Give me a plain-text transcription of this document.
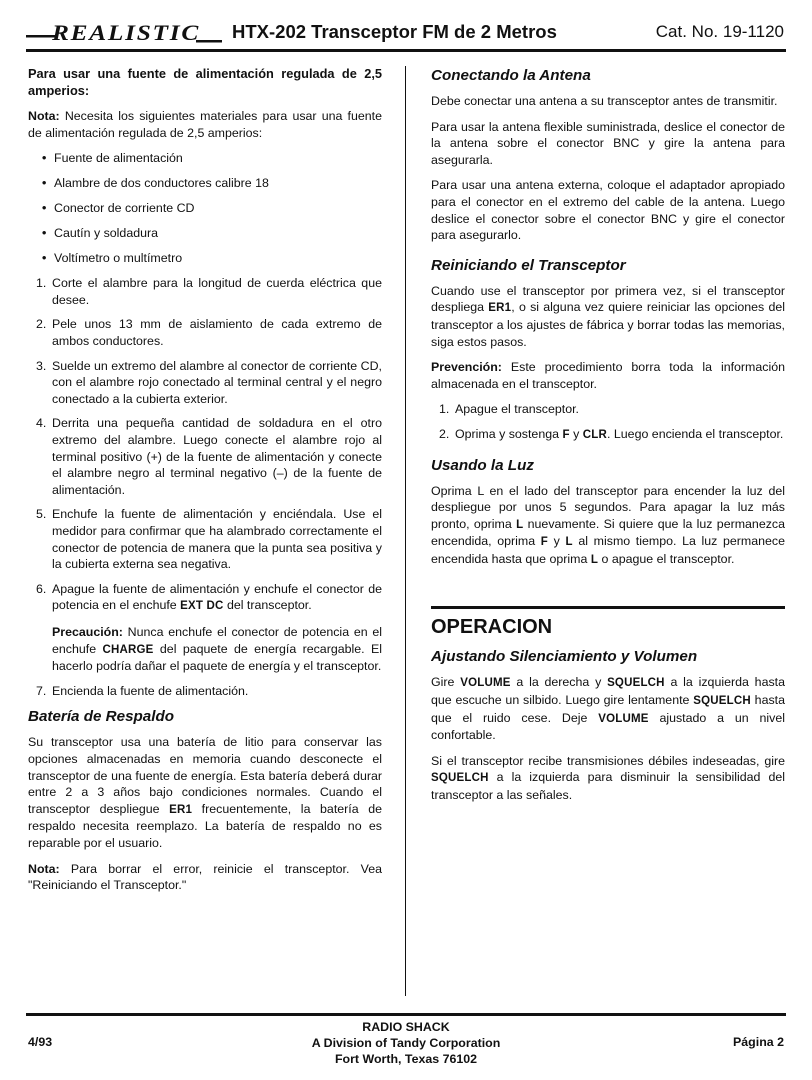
REALISTIC HTX-202 Transceptor FM de 2 Metros	Cat. No. 19-1120

Para usar una fuente de alimentación regulada de 2,5 amperios:

Nota: Necesita los siguientes materiales para usar una fuente de alimentación regulada de 2,5 amperios:

• Fuente de alimentación
• Alambre de dos conductores calibre 18
• Conector de corriente CD
• Cautín y soldadura
• Voltímetro o multímetro
1. Corte el alambre para la longitud de cuerda eléctrica que desee.

2. Pele unos 13 mm de aislamiento de cada extremo de ambos conductores.

3. Suelde un extremo del alambre al conector de corriente CD, con el alambre rojo conectado al terminal central y el negro conectado a la cubierta exterior.

4. Derrita una pequeña cantidad de soldadura en el otro extremo del alambre. Luego conecte el alambre rojo al terminal positivo (+) de la fuente de alimentación y conecte el alambre negro al terminal negativo (–) de la fuente de alimentación.

5. Enchufe la fuente de alimentación y enciéndala. Use el medidor para confirmar que ha alambrado correctamente el conector de potencia de manera que la punta sea positiva y la cubierta externa sea negativa.

6. Apague la fuente de alimentación y enchufe el conector de potencia en el enchufe EXT DC del transceptor.

Precaución: Nunca enchufe el conector de potencia en el enchufe CHARGE del paquete de energía recargable. El hacerlo podría dañar el paquete de energía y el transceptor.

7. Encienda la fuente de alimentación.

Batería de Respaldo

Su transceptor usa una batería de litio para conservar las opciones almacenadas en memoria cuando desconecte el transceptor de una fuente de energía. Esta batería deberá durar entre 2 a 3 años bajo condiciones normales. Cuando el transceptor despliegue ER1 frecuentemente, la batería de respaldo necesita reemplazo. La batería de respaldo no es reparable por el usuario.

Nota: Para borrar el error, reinicie el transceptor. Vea "Reiniciando el Transceptor."

Conectando la Antena

Debe conectar una antena a su transceptor antes de transmitir.

Para usar la antena flexible suministrada, deslice el conector de la antena sobre el conector BNC y gire la antena para asegurarla.

Para usar una antena externa, coloque el adaptador apropiado para el conector en el extremo del cable de la antena. Luego deslice el conector sobre el conector BNC y gire el conector para asegurarlo.

Reiniciando el Transceptor

Cuando use el transceptor por primera vez, si el transceptor despliega ER1, o si alguna vez quiere reiniciar las opciones del transceptor a los ajustes de fábrica y borrar todas las memorias, siga estos pasos.

Prevención: Este procedimiento borra toda la información almacenada en el transceptor.

1. Apague el transceptor.

2. Oprima y sostenga F y CLR. Luego encienda el transceptor.

Usando la Luz

Oprima L en el lado del transceptor para encender la luz del despliegue por unos 5 segundos. Para apagar la luz más pronto, oprima L nuevamente. Si quiere que la luz permanezca encendida, oprima F y L al mismo tiempo. La luz permanece encendida hasta que oprima L o apague el transceptor.

OPERACION
Ajustando Silenciamiento y Volumen

Gire VOLUME a la derecha y SQUELCH a la izquierda hasta que escuche un silbido. Luego gire lentamente SQUELCH hasta que el ruido cese. Deje VOLUME ajustado a un nivel confortable.

Si el transceptor recibe transmisiones débiles indeseadas, gire SQUELCH a la izquierda para disminuir la sensibilidad del transceptor a las señales.

4/93
RADIO SHACK
A Division of Tandy Corporation
Fort Worth, Texas 76102
Página 2
